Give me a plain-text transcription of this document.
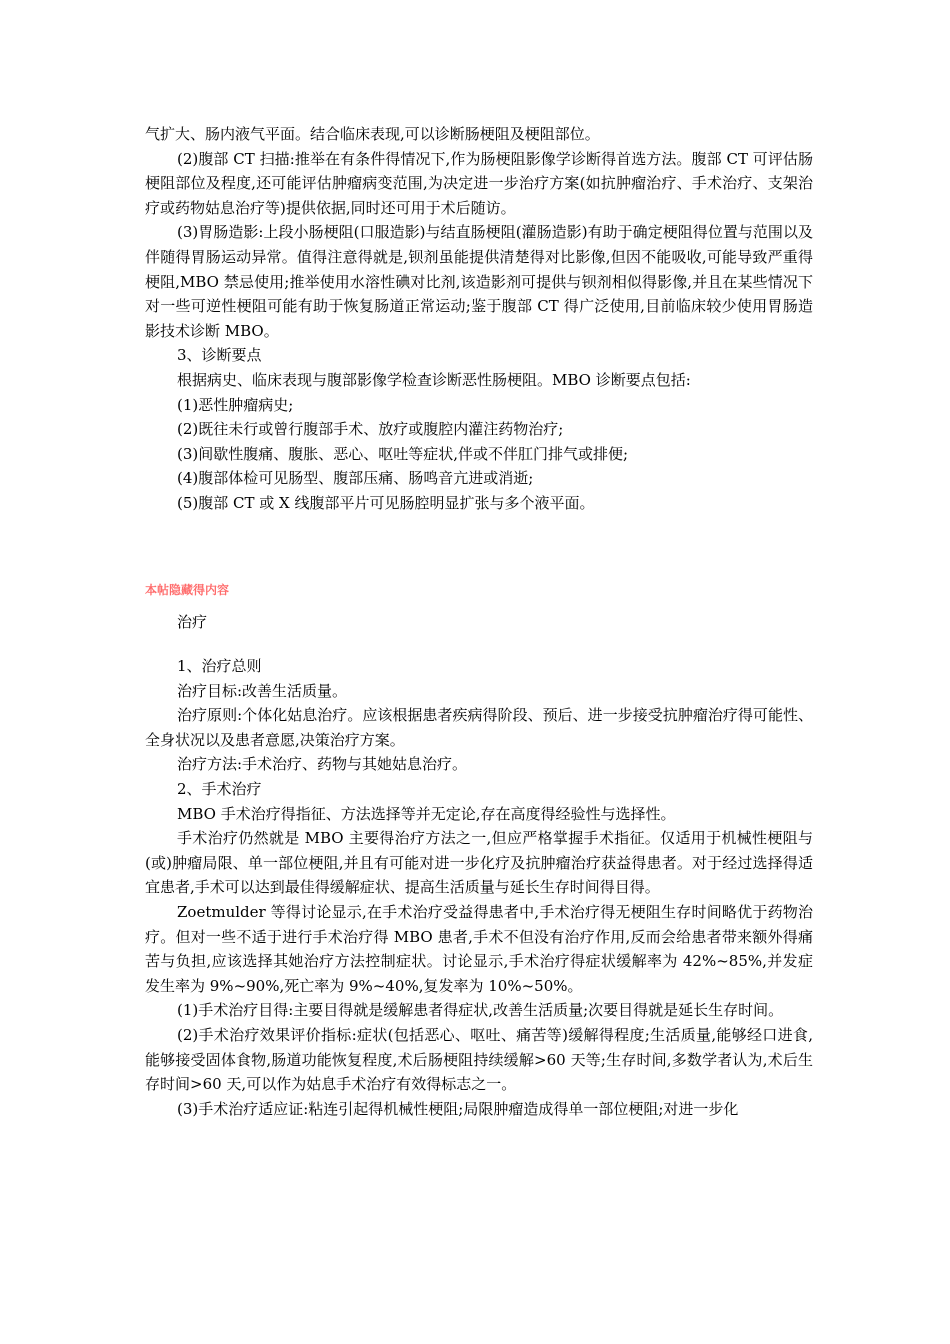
气扩大、肠内液气平面。结合临床表现,可以诊断肠梗阻及梗阻部位。

(2)腹部 CT 扫描:推举在有条件得情况下,作为肠梗阻影像学诊断得首选方法。腹部 CT 可评估肠梗阻部位及程度,还可能评估肿瘤病变范围,为决定进一步治疗方案(如抗肿瘤治疗、手术治疗、支架治疗或药物姑息治疗等)提供依据,同时还可用于术后随访。

(3)胃肠造影:上段小肠梗阻(口服造影)与结直肠梗阻(灌肠造影)有助于确定梗阻得位置与范围以及伴随得胃肠运动异常。值得注意得就是,钡剂虽能提供清楚得对比影像,但因不能吸收,可能导致严重得梗阻,MBO 禁忌使用;推举使用水溶性碘对比剂,该造影剂可提供与钡剂相似得影像,并且在某些情况下对一些可逆性梗阻可能有助于恢复肠道正常运动;鉴于腹部 CT 得广泛使用,目前临床较少使用胃肠造影技术诊断 MBO。

3、诊断要点

根据病史、临床表现与腹部影像学检查诊断恶性肠梗阻。MBO 诊断要点包括:

(1)恶性肿瘤病史;

(2)既往未行或曾行腹部手术、放疗或腹腔内灌注药物治疗;

(3)间歇性腹痛、腹胀、恶心、呕吐等症状,伴或不伴肛门排气或排便;

(4)腹部体检可见肠型、腹部压痛、肠鸣音亢进或消逝;

(5)腹部 CT 或 X 线腹部平片可见肠腔明显扩张与多个液平面。

本帖隐藏得内容

治疗

1、治疗总则

治疗目标:改善生活质量。

治疗原则:个体化姑息治疗。应该根据患者疾病得阶段、预后、进一步接受抗肿瘤治疗得可能性、全身状况以及患者意愿,决策治疗方案。

治疗方法:手术治疗、药物与其她姑息治疗。

2、手术治疗

MBO 手术治疗得指征、方法选择等并无定论,存在高度得经验性与选择性。

手术治疗仍然就是 MBO 主要得治疗方法之一,但应严格掌握手术指征。仅适用于机械性梗阻与(或)肿瘤局限、单一部位梗阻,并且有可能对进一步化疗及抗肿瘤治疗获益得患者。对于经过选择得适宜患者,手术可以达到最佳得缓解症状、提高生活质量与延长生存时间得目得。

Zoetmulder 等得讨论显示,在手术治疗受益得患者中,手术治疗得无梗阻生存时间略优于药物治疗。但对一些不适于进行手术治疗得 MBO 患者,手术不但没有治疗作用,反而会给患者带来额外得痛苦与负担,应该选择其她治疗方法控制症状。讨论显示,手术治疗得症状缓解率为 42%~85%,并发症发生率为 9%~90%,死亡率为 9%~40%,复发率为 10%~50%。

(1)手术治疗目得:主要目得就是缓解患者得症状,改善生活质量;次要目得就是延长生存时间。

(2)手术治疗效果评价指标:症状(包括恶心、呕吐、痛苦等)缓解得程度;生活质量,能够经口进食,能够接受固体食物,肠道功能恢复程度,术后肠梗阻持续缓解>60 天等;生存时间,多数学者认为,术后生存时间>60 天,可以作为姑息手术治疗有效得标志之一。

(3)手术治疗适应证:粘连引起得机械性梗阻;局限肿瘤造成得单一部位梗阻;对进一步化
